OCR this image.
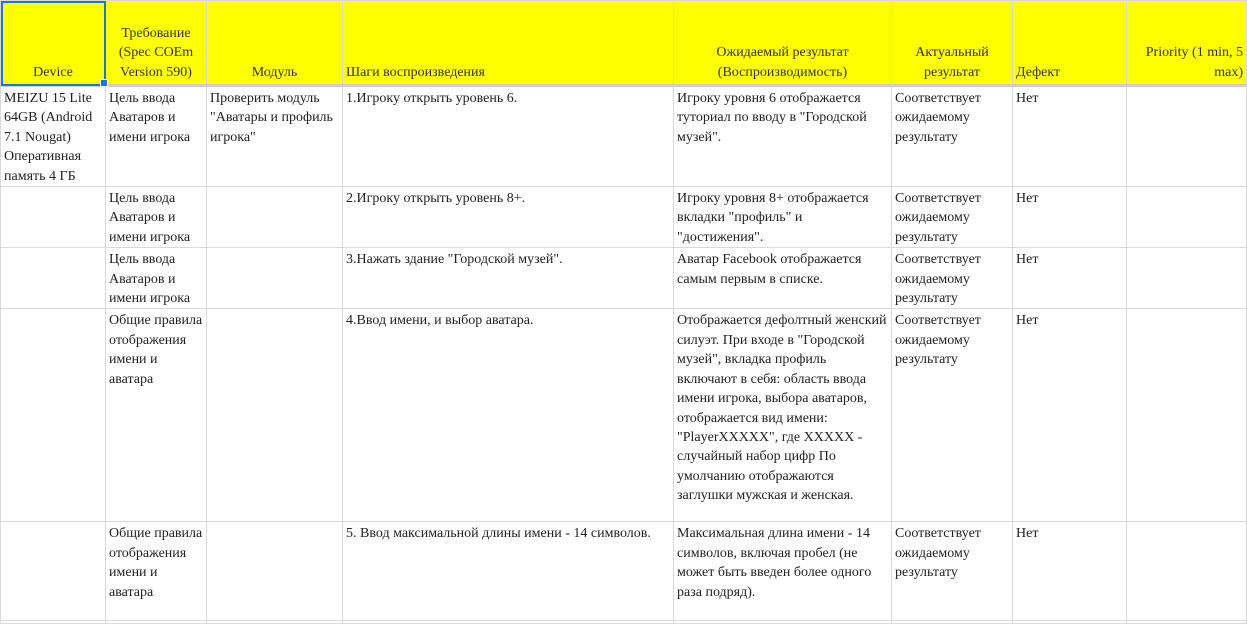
Device	Требование (Spec COEm Version 590)	Модуль	Шаги воспроизведения	Ожидаемый результат (Воспроизводимость)	Актуальный результат	Дефект	Priority (1 min, 5 max)
MEIZU 15 Lite 64GB (Android 7.1 Nougat) Оперативная память 4 ГБ	Цель ввода Аватаров и имени игрока	Проверить модуль "Аватары и профиль игрока"	1.Игроку открыть уровень 6.	Игроку уровня 6 отображается туториал по вводу в "Городской музей".	Соответствует ожидаемому результату	Нет	
	Цель ввода Аватаров и имени игрока		2.Игроку открыть уровень 8+.	Игроку уровня 8+ отображается вкладки "профиль" и "достижения".	Соответствует ожидаемому результату	Нет	
	Цель ввода Аватаров и имени игрока		3.Нажать здание "Городской музей".	Аватар Facebook отображается самым первым в списке.	Соответствует ожидаемому результату	Нет	
	Общие правила отображения имени и аватара		4.Ввод имени, и выбор аватара.	Отображается дефолтный женский силуэт. При входе в "Городской музей", вкладка профиль включают в себя: область ввода имени игрока, выбора аватаров, отображается вид имени: "PlayerXXXXX", где XXXXX - случайный набор цифр По умолчанию отображаются заглушки мужская и женская.	Соответствует ожидаемому результату	Нет	
	Общие правила отображения имени и аватара		5. Ввод максимальной длины имени - 14 символов.	Максимальная длина имени - 14 символов, включая пробел (не может быть введен более одного раза подряд).	Соответствует ожидаемому результату	Нет	
